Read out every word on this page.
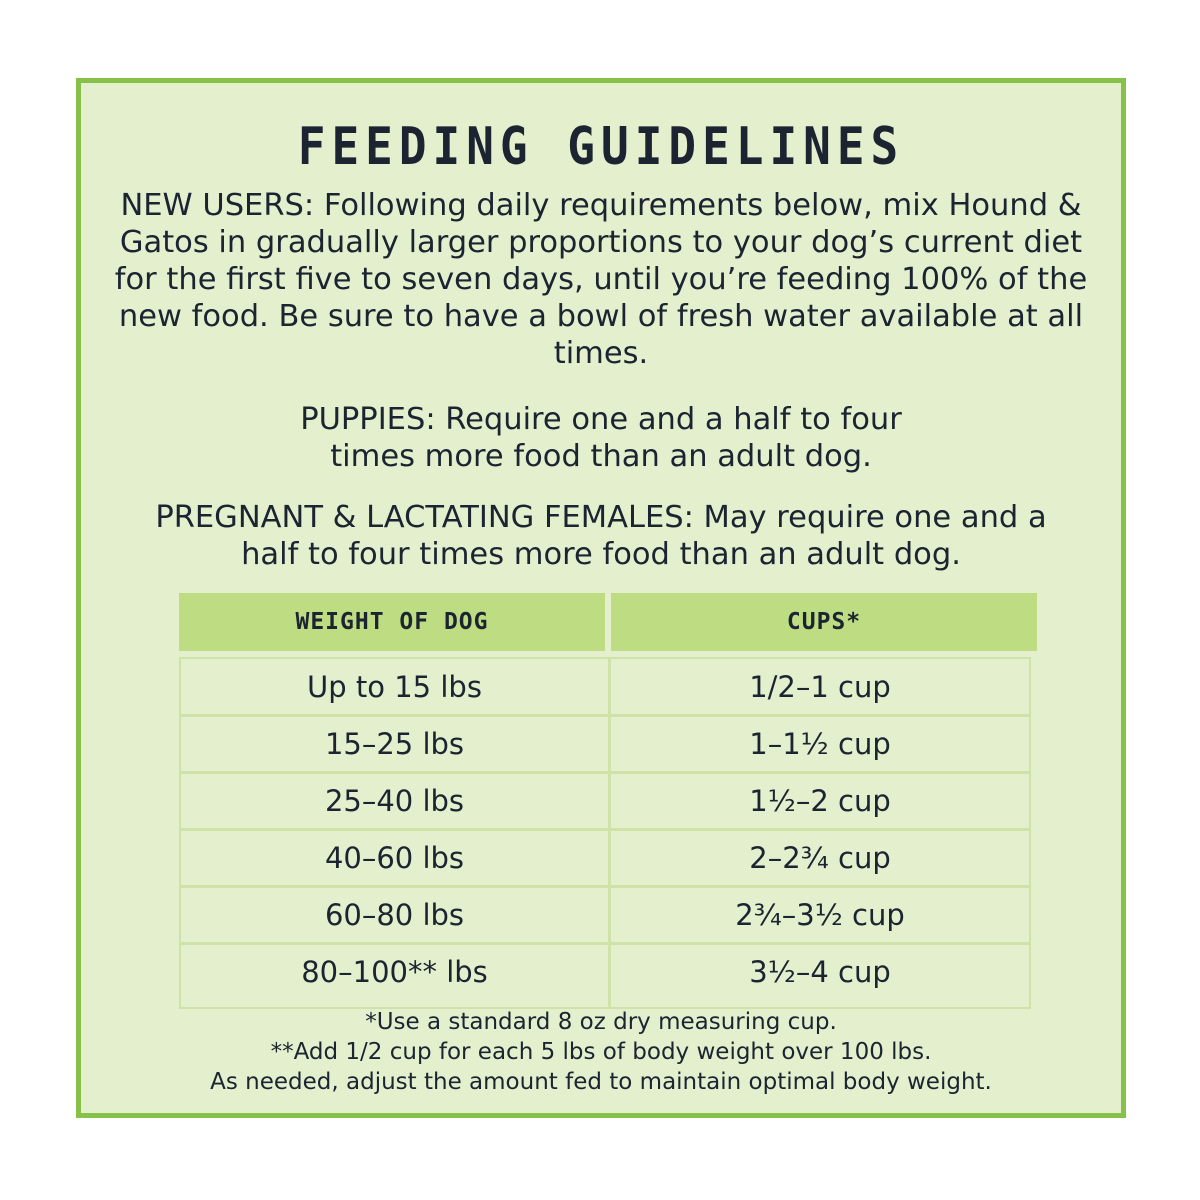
FEEDING GUIDELINES
NEW USERS: Following daily requirements below, mix Hound & Gatos in gradually larger proportions to your dog’s current diet for the first five to seven days, until you’re feeding 100% of the new food. Be sure to have a bowl of fresh water available at all times.
PUPPIES: Require one and a half to four times more food than an adult dog.
PREGNANT & LACTATING FEMALES: May require one and a half to four times more food than an adult dog.
WEIGHT OF DOG	CUPS*
Up to 15 lbs	1/2–1 cup
15–25 lbs	1–1½ cup
25–40 lbs	1½–2 cup
40–60 lbs	2–2¾ cup
60–80 lbs	2¾–3½ cup
80–100** lbs	3½–4 cup
*Use a standard 8 oz dry measuring cup.
**Add 1/2 cup for each 5 lbs of body weight over 100 lbs.
As needed, adjust the amount fed to maintain optimal body weight.
